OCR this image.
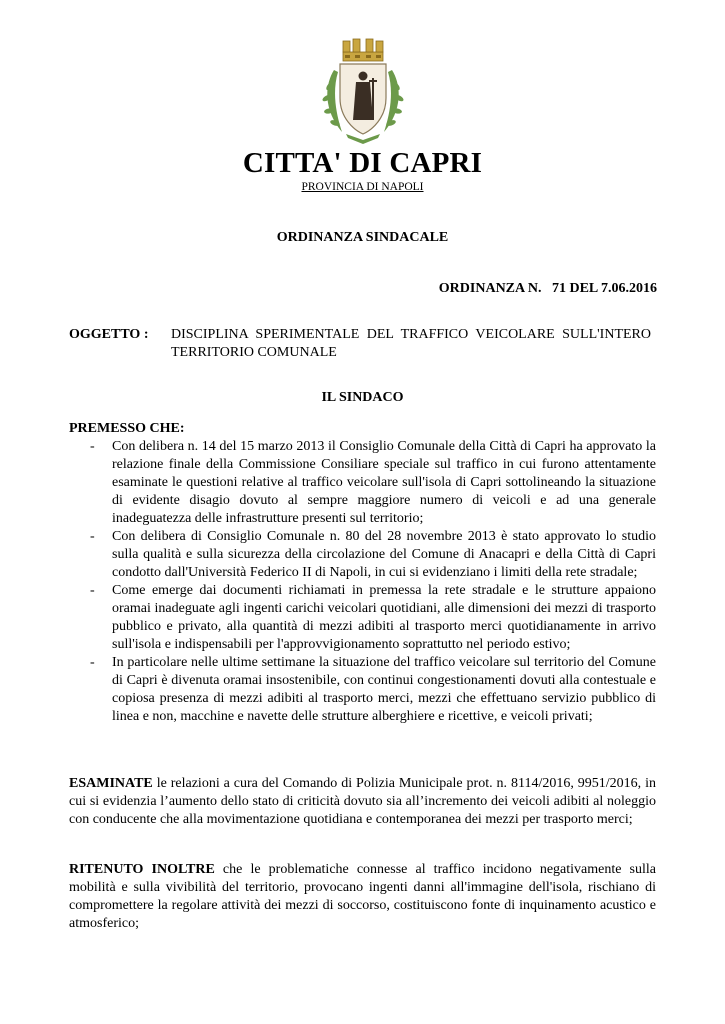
CITTA' DI CAPRI
PROVINCIA DI NAPOLI
ORDINANZA SINDACALE
ORDINANZA N.   71 DEL 7.06.2016
OGGETTO : DISCIPLINA SPERIMENTALE DEL TRAFFICO VEICOLARE SULL'INTERO TERRITORIO COMUNALE
IL SINDACO
PREMESSO CHE:
- Con delibera n. 14 del 15 marzo 2013 il Consiglio Comunale della Città di Capri ha approvato la relazione finale della Commissione Consiliare speciale sul traffico in cui furono attentamente esaminate le questioni relative al traffico veicolare sull'isola di Capri sottolineando la situazione di evidente disagio dovuto al sempre maggiore numero di veicoli e ad una generale inadeguatezza delle infrastrutture presenti sul territorio;
- Con delibera di Consiglio Comunale n. 80 del 28 novembre 2013 è stato approvato lo studio sulla qualità e sulla sicurezza della circolazione del Comune di Anacapri e della Città di Capri condotto dall'Università Federico II di Napoli, in cui si evidenziano i limiti della rete stradale;
- Come emerge dai documenti richiamati in premessa la rete stradale e le strutture appaiono oramai inadeguate agli ingenti carichi veicolari quotidiani, alle dimensioni dei mezzi di trasporto pubblico e privato, alla quantità di mezzi adibiti al trasporto merci quotidianamente in arrivo sull'isola e indispensabili per l'approvvigionamento soprattutto nel periodo estivo;
- In particolare nelle ultime settimane la situazione del traffico veicolare sul territorio del Comune di Capri è divenuta oramai insostenibile, con continui congestionamenti dovuti alla contestuale e copiosa presenza di mezzi adibiti al trasporto merci, mezzi che effettuano servizio pubblico di linea e non, macchine e navette delle strutture alberghiere e ricettive, e veicoli privati;
ESAMINATE le relazioni a cura del Comando di Polizia Municipale prot. n. 8114/2016, 9951/2016, in cui si evidenzia l’aumento dello stato di criticità dovuto sia all’incremento dei veicoli adibiti al noleggio con conducente che alla movimentazione quotidiana e contemporanea dei mezzi per trasporto merci;
RITENUTO INOLTRE che le problematiche connesse al traffico incidono negativamente sulla mobilità e sulla vivibilità del territorio, provocano ingenti danni all'immagine dell'isola, rischiano di compromettere la regolare attività dei mezzi di soccorso, costituiscono fonte di inquinamento acustico e atmosferico;
